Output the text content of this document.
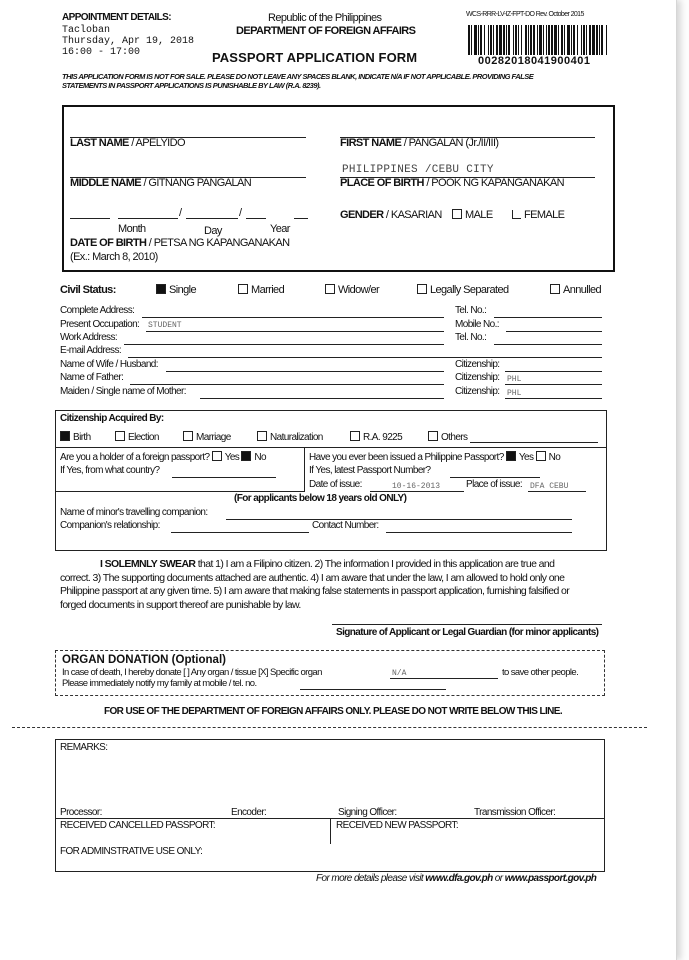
APPOINTMENT DETAILS:
Tacloban
Thursday, Apr 19, 2018
16:00 - 17:00
Republic of the Philippines
DEPARTMENT OF FOREIGN AFFAIRS
PASSPORT APPLICATION FORM
WCS-RRR-LV-IZ-FPT-DO Rev. October 2015
00282018041900401
THIS APPLICATION FORM IS NOT FOR SALE. PLEASE DO NOT LEAVE ANY SPACES BLANK, INDICATE N/A IF NOT APPLICABLE. PROVIDING FALSE
STATEMENTS IN PASSPORT APPLICATIONS IS PUNISHABLE BY LAW (R.A. 8239).
LAST NAME / APELYIDO	FIRST NAME / PANGALAN (Jr./II/III)
MIDDLE NAME / GITNANG PANGALAN
PHILIPPINES /CEBU CITY
PLACE OF BIRTH / POOK NG KAPANGANAKAN
/	/
Month	Day	Year
DATE OF BIRTH / PETSA NG KAPANGANAKAN
(Ex.: March 8, 2010)
GENDER / KASARIAN	MALE	FEMALE
Civil Status:	Single	Married	Widow/er	Legally Separated	Annulled
Complete Address:	Tel. No.:
Present Occupation: STUDENT	Mobile No.:
Work Address:	Tel. No.:
E-mail Address:
Name of Wife / Husband:	Citizenship:
Name of Father:	Citizenship: PHL
Maiden / Single name of Mother:	Citizenship: PHL
Citizenship Acquired By:
Birth	Election	Marriage	Naturalization	R.A. 9225	Others
Are you a holder of a foreign passport? Yes No
If Yes, from what country?
Have you ever been issued a Philippine Passport? Yes No
If Yes, latest Passport Number?
Date of issue:	10-16-2013	Place of issue: DFA CEBU
(For applicants below 18 years old ONLY)
Name of minor's travelling companion:
Companion's relationship:	Contact Number:
I SOLEMNLY SWEAR that 1) I am a Filipino citizen. 2) The information I provided in this application are true and
correct. 3) The supporting documents attached are authentic. 4) I am aware that under the law, I am allowed to hold only one
Philippine passport at any given time. 5) I am aware that making false statements in passport application, furnishing falsified or
forged documents in support thereof are punishable by law.
Signature of Applicant or Legal Guardian (for minor applicants)
ORGAN DONATION (Optional)
In case of death, I hereby donate [ ] Any organ / tissue [X] Specific organ	N/A	to save other people.
Please immediately notify my family at mobile / tel. no.
FOR USE OF THE DEPARTMENT OF FOREIGN AFFAIRS ONLY. PLEASE DO NOT WRITE BELOW THIS LINE.
REMARKS:
Processor:	Encoder:	Signing Officer:	Transmission Officer:
RECEIVED CANCELLED PASSPORT:	RECEIVED NEW PASSPORT:
FOR ADMINSTRATIVE USE ONLY:
For more details please visit www.dfa.gov.ph or www.passport.gov.ph
